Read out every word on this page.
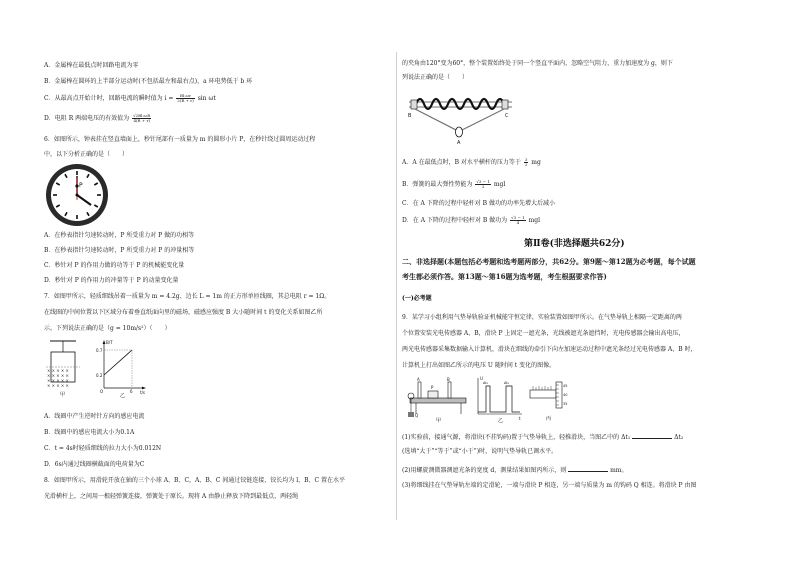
A．金属棒在最低点时回路电流为零
B．金属棒在圆环的上半部分运动时(不包括最左和最右点)，a 环电势低于 b 环
C．从最高点开始计时，回路电流的瞬时值为 $i = \frac{\text{Bl₁ωr}}{2(R + r)}$ sin ωt
D．电阻 R 两端电压的有效值为 $\frac{\text{√2Bl₁ωR}}{4(R + r)}$
6．如图所示，钟表挂在竖直墙面上，秒针尾部有一质量为 m 的圆形小片 P，在秒针绕过圆周运动过程
中，以下分析正确的是（　　）
P
A．在秒表指针匀速转动时，P 所受重力对 P 做的功相等
B．在秒表指针匀速转动时，P 所受重力对 P 的冲量相等
C．秒针对 P 的作用力做的功等于 P 的机械能变化量
D．秒针对 P 的作用力的冲量等于 P 的动量变化量
7．如图甲所示，轻质细线吊着一质量为 m = 4.2g、边长 L = 1m 的正方形单匝线圈，其总电阻 r = 1Ω。
在线圈的中间位置以下区域分布着垂直纸面向里的磁场，磁感应强度 B 大小随时间 t 的变化关系如图乙所
示。下列说法正确的是（g = 10m/s²）（　　）
× × × × ×
× × × × ×
× × × × ×
× × × × ×
甲
B/T
t/s
0.7
0.2
6
O
乙
A．线圈中产生逆时针方向的感应电流
B．线圈中的感应电流大小为0.1A
C．t = 4s时轻质细线的拉力大小为0.012N
D．6s内通过线圈横截面的电荷量为C
8．如图甲所示，用滑轮开放在轴的三个小球 A、B、C，A、B、C 间通过铰链连接，铰长均为 l，B、C 置在水平
光滑横杆上，之间用一根轻弹簧连接，弹簧处于原长。现将 A 由静止释放下降到最低点，两轻绳
的夹角由120°变为60°，整个装置始终处于同一个竖直平面内，忽略空气阻力，重力加速度为 g，则下
列说法正确的是（　　）
B	C
A
A．A 在最低点时，B 对水平横杆的压力等于 $\frac{3}{2}$ mg
B．弹簧的最大弹性势能为 $\frac{√3 - 1}{2}$ mgl
C．在 A 下降的过程中轻杆对 B 做功的功率先增大后减小
D．在 A 下降的过程中轻杆对 B 做功为 $\frac{√3 - 1}{4}$ mgl
第Ⅱ卷(非选择题共62分)
二、非选择题(本题包括必考题和选考题两部分，共62分。第9题～第12题为必考题，每个试题
考生都必须作答。第13题～第16题为选考题，考生根据要求作答)
(一)必考题
9．某学习小组利用气垫导轨验证机械能守恒定律，实验装置如图甲所示。在气垫导轨上相隔一定距离的两
个位置安装光电传感器 A、B，滑块 P 上固定一遮光条，光线被遮光条遮挡时，光电传感器会输出高电压，
两光电传感器采集数据输入计算机，滑块在细线的牵引下向左加速运动过程中遮光条经过光电传感器 A、B 时，
计算机上打出如图乙所示的电压 U 随时间 t 变化的图像。
A	B
P
Q
甲
U
t
Δt₁	Δt₂
乙
45
40
35
丙
(1)实验前，接通气源，将滑块(不挂钩码)置于气垫导轨上，轻推滑块，当图乙中的 Δt₁	Δt₂
(选填“大于”“等于”或“小于”)时，说明气垫导轨已调水平。
(2)用螺旋测微器测遮光条的宽度 d，测量结果如图丙所示，则	mm。
(3)将细线挂在气垫导轨左端的定滑轮，一端与滑块 P 相连，另一端与质量为 m 的钩码 Q 相连。将滑块 P 由图
